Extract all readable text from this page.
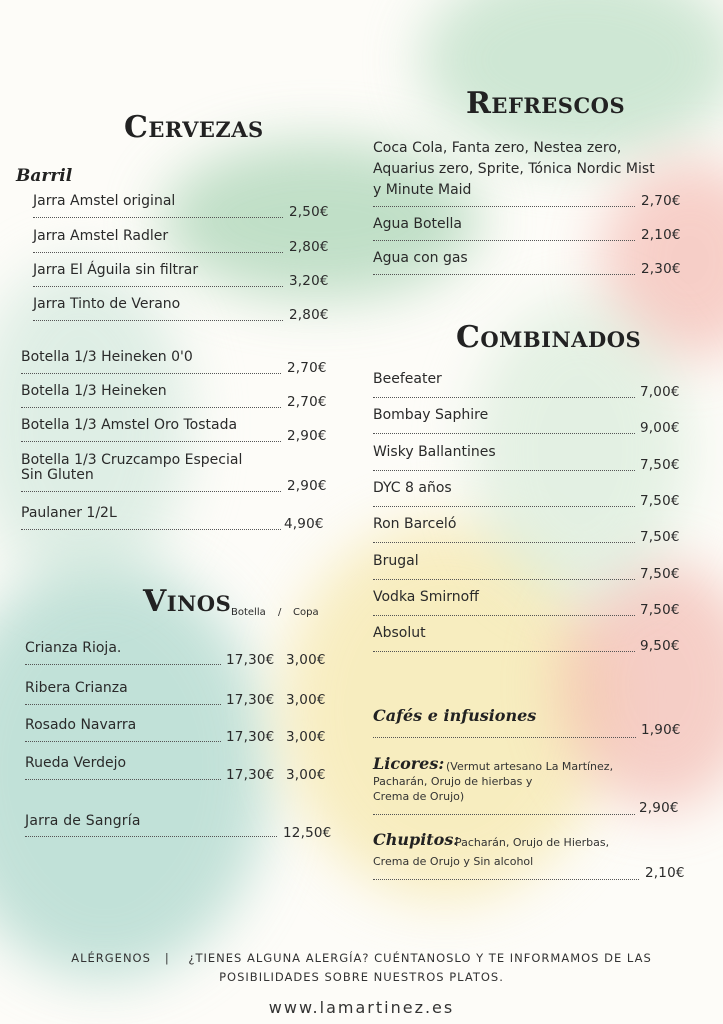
Cervezas
Barril
Vinos Botella / Copa
Jarra de Sangría
12,50€
Refrescos
Combinados
Cafés e infusiones
1,90€
Licores: (Vermut artesano La Martínez,
Pacharán, Orujo de hierbas y
Crema de Orujo)
2,90€
Chupitos:
Pacharán, Orujo de Hierbas,
Crema de Orujo y Sin alcohol
2,10€
ALÉRGENOS   |    ¿TIENES ALGUNA ALERGÍA? CUÉNTANOSLO Y TE INFORMAMOS DE LAS
POSIBILIDADES SOBRE NUESTROS PLATOS.
www.lamartinez.es
Jarra Amstel original
2,50€
Jarra Amstel Radler
2,80€
Jarra El Águila sin filtrar
3,20€
Jarra Tinto de Verano
2,80€
Botella 1/3 Heineken 0'0
2,70€
Botella 1/3 Heineken
2,70€
Botella 1/3 Amstel Oro Tostada
2,90€
Botella 1/3 Cruzcampo Especial
Sin Gluten
2,90€
Paulaner 1/2L
4,90€
Crianza Rioja.
17,30€ 3,00€
Ribera Crianza
17,30€ 3,00€
Rosado Navarra
17,30€ 3,00€
Rueda Verdejo
17,30€ 3,00€
Coca Cola, Fanta zero, Nestea zero,
Aquarius zero, Sprite, Tónica Nordic Mist
y Minute Maid
2,70€
Agua Botella
2,10€
Agua con gas
2,30€
Beefeater
7,00€
Bombay Saphire
9,00€
Wisky Ballantines
7,50€
DYC 8 años
7,50€
Ron Barceló
7,50€
Brugal
7,50€
Vodka Smirnoff
7,50€
Absolut
9,50€
